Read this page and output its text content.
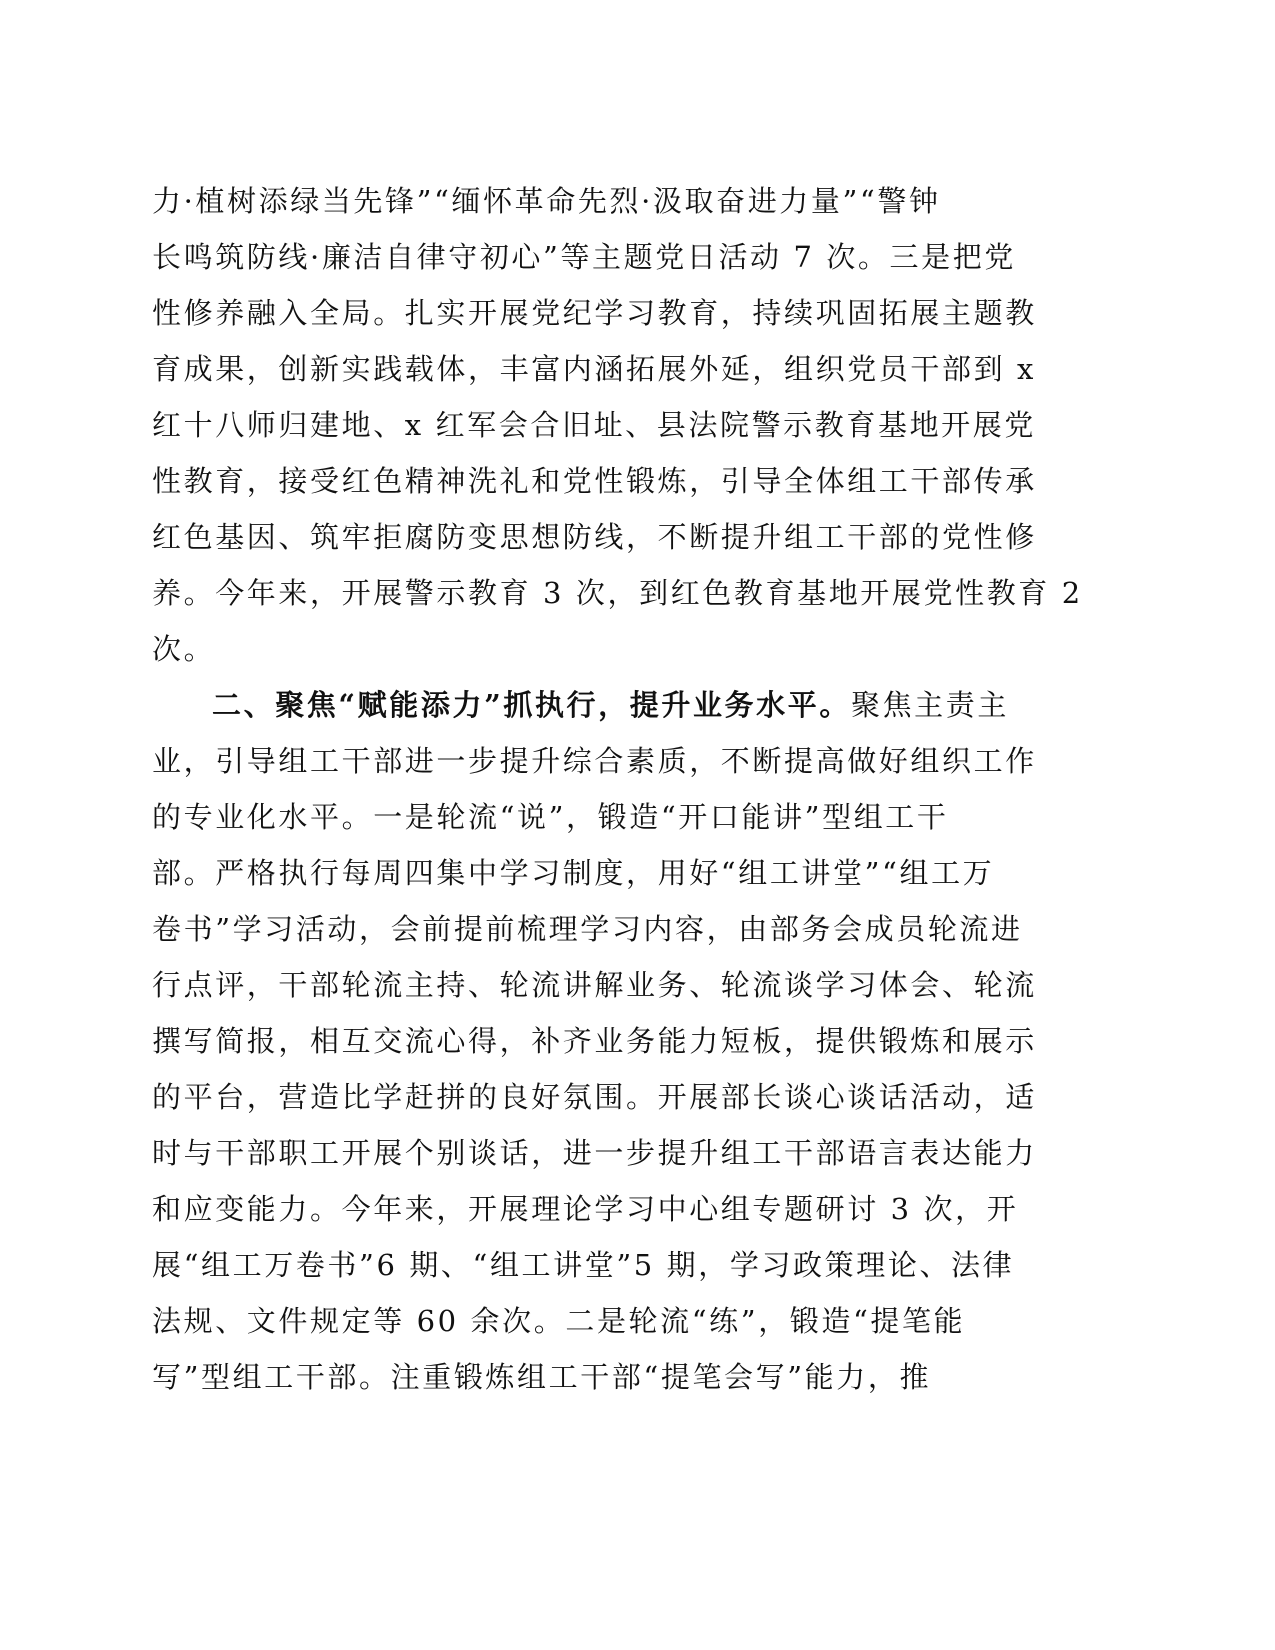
力·植树添绿当先锋”“缅怀革命先烈·汲取奋进力量”“警钟
长鸣筑防线·廉洁自律守初心”等主题党日活动 7 次。三是把党
性修养融入全局。扎实开展党纪学习教育，持续巩固拓展主题教
育成果，创新实践载体，丰富内涵拓展外延，组织党员干部到 x
红十八师归建地、x 红军会合旧址、县法院警示教育基地开展党
性教育，接受红色精神洗礼和党性锻炼，引导全体组工干部传承
红色基因、筑牢拒腐防变思想防线，不断提升组工干部的党性修
养。今年来，开展警示教育 3 次，到红色教育基地开展党性教育 2
次。
二、聚焦“赋能添力”抓执行，提升业务水平。聚焦主责主
业，引导组工干部进一步提升综合素质，不断提高做好组织工作
的专业化水平。一是轮流“说”，锻造“开口能讲”型组工干
部。严格执行每周四集中学习制度，用好“组工讲堂”“组工万
卷书”学习活动，会前提前梳理学习内容，由部务会成员轮流进
行点评，干部轮流主持、轮流讲解业务、轮流谈学习体会、轮流
撰写简报，相互交流心得，补齐业务能力短板，提供锻炼和展示
的平台，营造比学赶拼的良好氛围。开展部长谈心谈话活动，适
时与干部职工开展个别谈话，进一步提升组工干部语言表达能力
和应变能力。今年来，开展理论学习中心组专题研讨 3 次，开
展“组工万卷书”6 期、“组工讲堂”5 期，学习政策理论、法律
法规、文件规定等 60 余次。二是轮流“练”，锻造“提笔能
写”型组工干部。注重锻炼组工干部“提笔会写”能力，推
